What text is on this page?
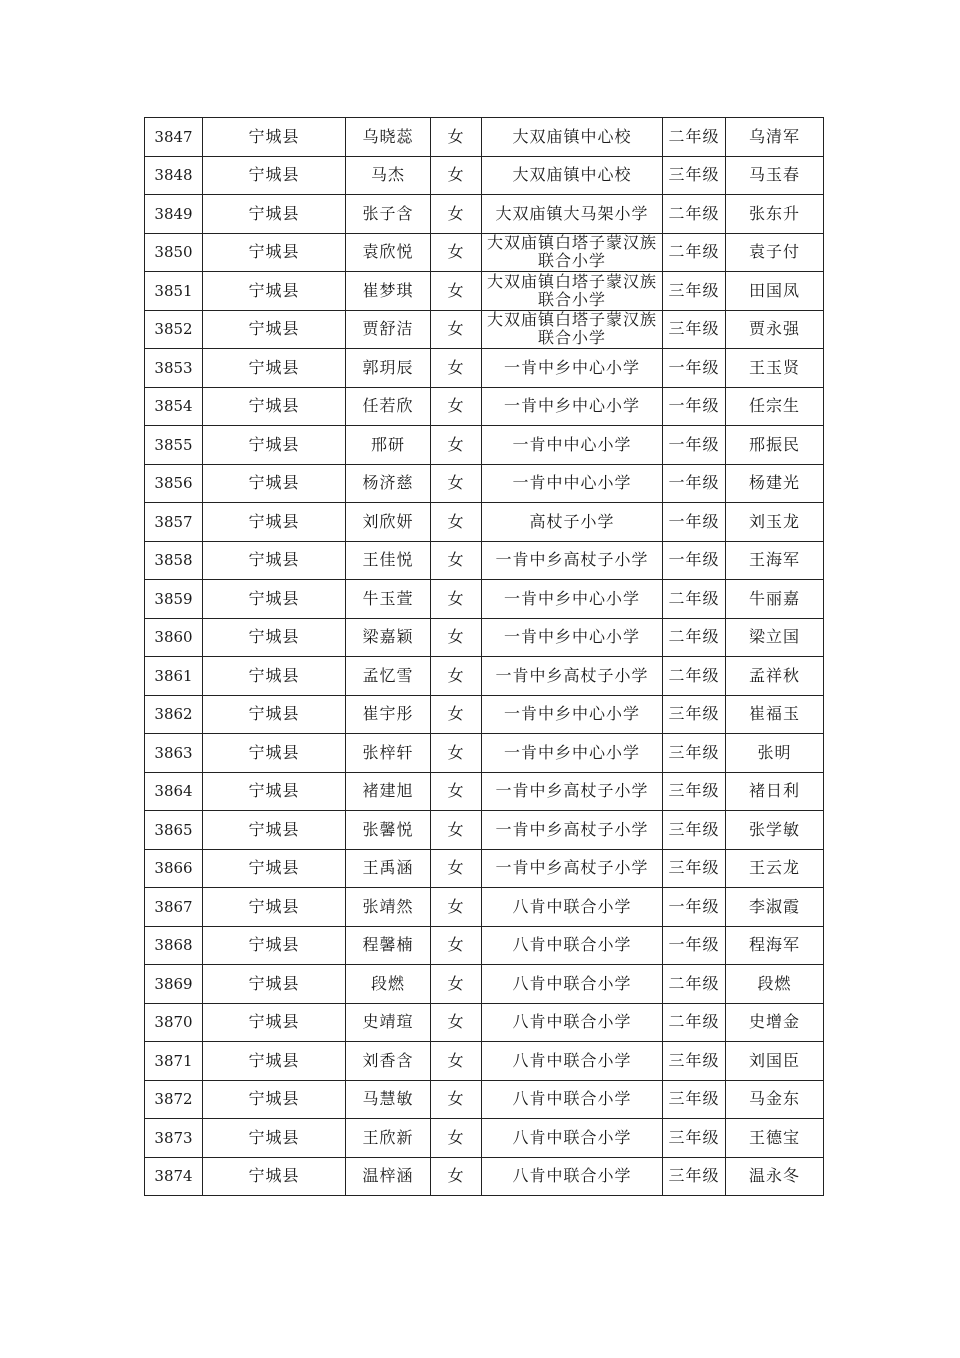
3847	宁城县	乌晓蕊	女	大双庙镇中心校	二年级	乌清军
3848	宁城县	马杰	女	大双庙镇中心校	三年级	马玉春
3849	宁城县	张子含	女	大双庙镇大马架小学	二年级	张东升
3850	宁城县	袁欣悦	女	大双庙镇白塔子蒙汉族联合小学	二年级	袁子付
3851	宁城县	崔梦琪	女	大双庙镇白塔子蒙汉族联合小学	三年级	田国凤
3852	宁城县	贾舒洁	女	大双庙镇白塔子蒙汉族联合小学	三年级	贾永强
3853	宁城县	郭玥辰	女	一肯中乡中心小学	一年级	王玉贤
3854	宁城县	任若欣	女	一肯中乡中心小学	一年级	任宗生
3855	宁城县	邢研	女	一肯中中心小学	一年级	邢振民
3856	宁城县	杨济慈	女	一肯中中心小学	一年级	杨建光
3857	宁城县	刘欣妍	女	高杖子小学	一年级	刘玉龙
3858	宁城县	王佳悦	女	一肯中乡高杖子小学	一年级	王海军
3859	宁城县	牛玉萱	女	一肯中乡中心小学	二年级	牛丽嘉
3860	宁城县	梁嘉颖	女	一肯中乡中心小学	二年级	梁立国
3861	宁城县	孟忆雪	女	一肯中乡高杖子小学	二年级	孟祥秋
3862	宁城县	崔宇彤	女	一肯中乡中心小学	三年级	崔福玉
3863	宁城县	张梓轩	女	一肯中乡中心小学	三年级	张明
3864	宁城县	褚建旭	女	一肯中乡高杖子小学	三年级	褚日利
3865	宁城县	张馨悦	女	一肯中乡高杖子小学	三年级	张学敏
3866	宁城县	王禹涵	女	一肯中乡高杖子小学	三年级	王云龙
3867	宁城县	张靖然	女	八肯中联合小学	一年级	李淑霞
3868	宁城县	程馨楠	女	八肯中联合小学	一年级	程海军
3869	宁城县	段燃	女	八肯中联合小学	二年级	段燃
3870	宁城县	史靖瑄	女	八肯中联合小学	二年级	史增金
3871	宁城县	刘香含	女	八肯中联合小学	三年级	刘国臣
3872	宁城县	马慧敏	女	八肯中联合小学	三年级	马金东
3873	宁城县	王欣新	女	八肯中联合小学	三年级	王德宝
3874	宁城县	温梓涵	女	八肯中联合小学	三年级	温永冬
